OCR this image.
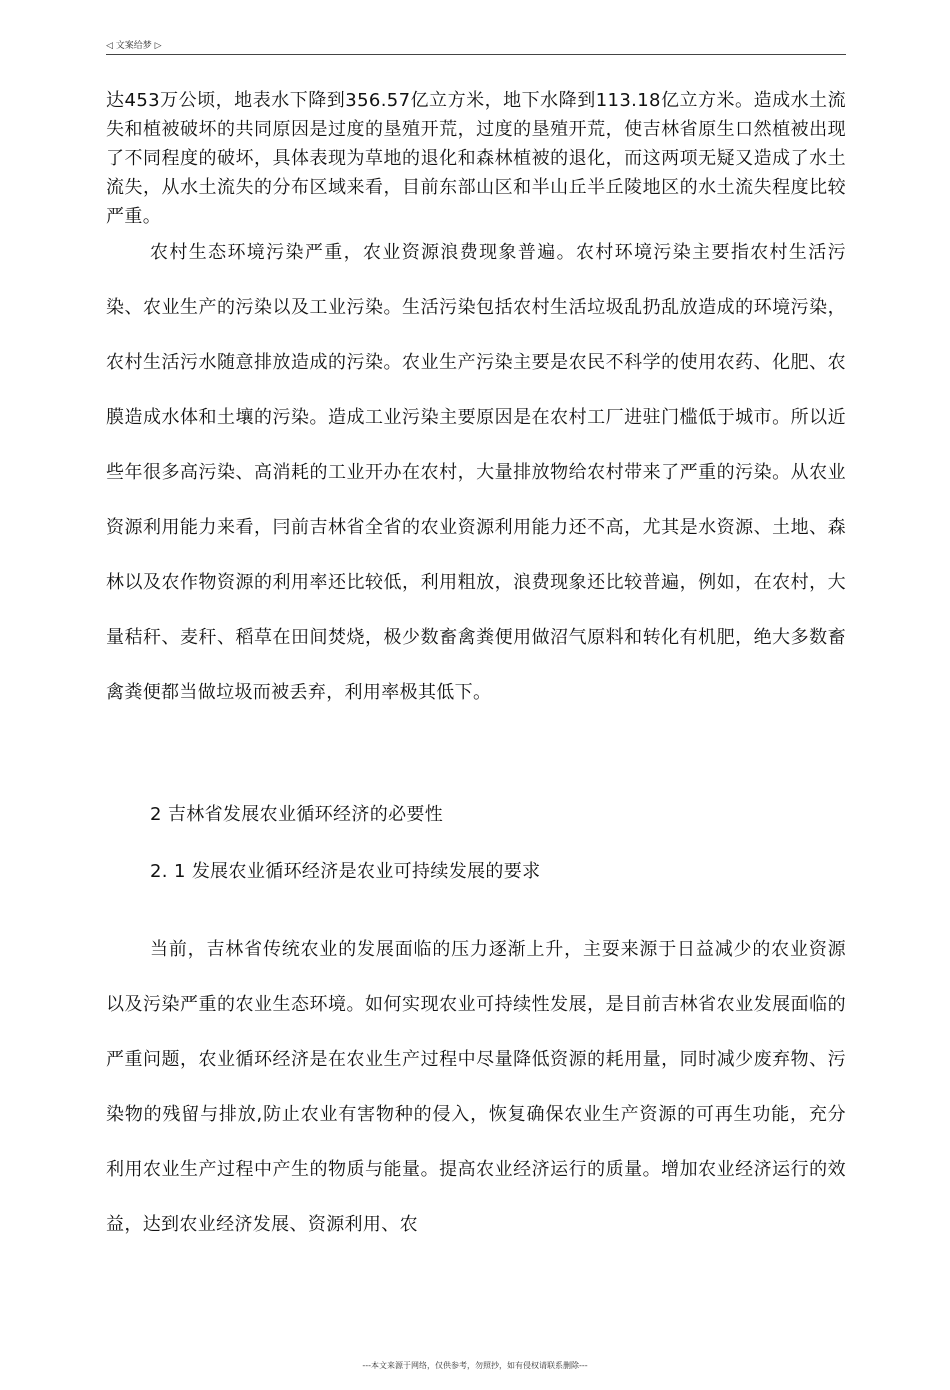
◁ 文案给梦 ▷

达453万公顷，地表水下降到356.57亿立方米，地下水降到113.18亿立方米。造成水土流失和植被破坏的共同原因是过度的垦殖开荒，过度的垦殖开荒，使吉林省原生口然植被出现了不同程度的破坏，具体表现为草地的退化和森林植被的退化，而这两项无疑又造成了水土流失，从水土流失的分布区域来看，目前东部山区和半山丘半丘陵地区的水土流失程度比较严重。

农村生态环境污染严重，农业资源浪费现象普遍。农村环境污染主要指农村生活污染、农业生产的污染以及工业污染。生活污染包括农村生活垃圾乱扔乱放造成的环境污染，农村生活污水随意排放造成的污染。农业生产污染主要是农民不科学的使用农药、化肥、农膜造成水体和土壤的污染。造成工业污染主要原因是在农村工厂进驻门槛低于城市。所以近些年很多高污染、高消耗的工业开办在农村，大量排放物给农村带来了严重的污染。从农业资源利用能力来看，冃前吉林省全省的农业资源利用能力还不高，尤其是水资源、土地、森林以及农作物资源的利用率还比较低，利用粗放，浪费现象还比较普遍，例如，在农村，大量秸秆、麦秆、稻草在田间焚烧，极少数畜禽粪便用做沼气原料和转化有机肥，绝大多数畜禽粪便都当做垃圾而被丢弃，利用率极其低下。

2 吉林省发展农业循环经济的必要性
2. 1 发展农业循环经济是农业可持续发展的要求

当前，吉林省传统农业的发展面临的压力逐渐上升，主耍来源于日益减少的农业资源以及污染严重的农业生态环境。如何实现农业可持续性发展，是目前吉林省农业发展面临的严重问题，农业循环经济是在农业生产过程中尽量降低资源的耗用量，同时减少废弃物、污染物的残留与排放,防止农业有害物种的侵入，恢复确保农业生产资源的可再生功能，充分利用农业生产过程中产生的物质与能量。提高农业经济运行的质量。增加农业经济运行的效益，达到农业经济发展、资源利用、农

---本文来源于网络，仅供参考，勿照抄，如有侵权请联系删除---
